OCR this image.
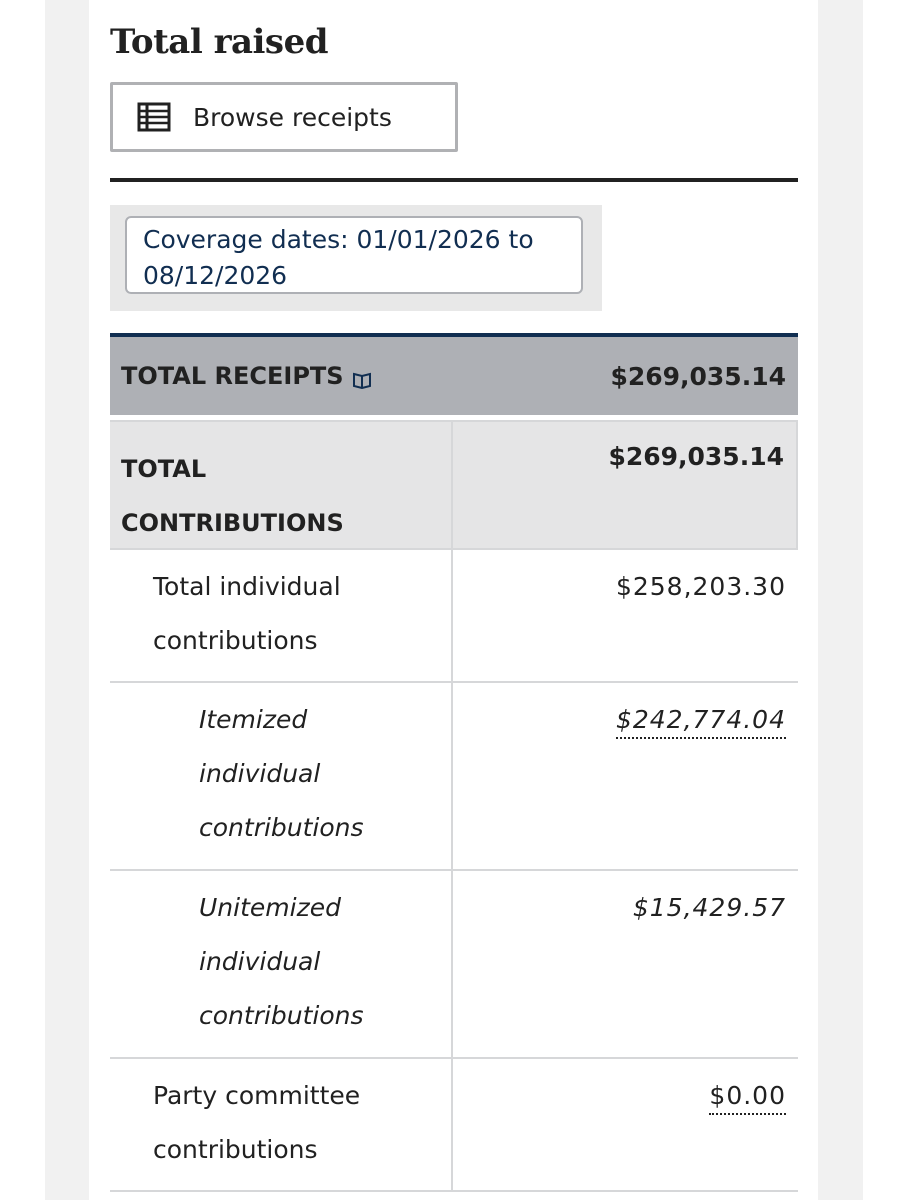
Total raised
Browse receipts
Coverage dates: 01/01/2026 to 08/12/2026
TOTAL RECEIPTS	$269,035.14
TOTAL CONTRIBUTIONS
$269,035.14
Total individual contributions
$258,203.30
Itemized individual contributions
$242,774.04
Unitemized individual contributions
$15,429.57
Party committee contributions
$0.00
